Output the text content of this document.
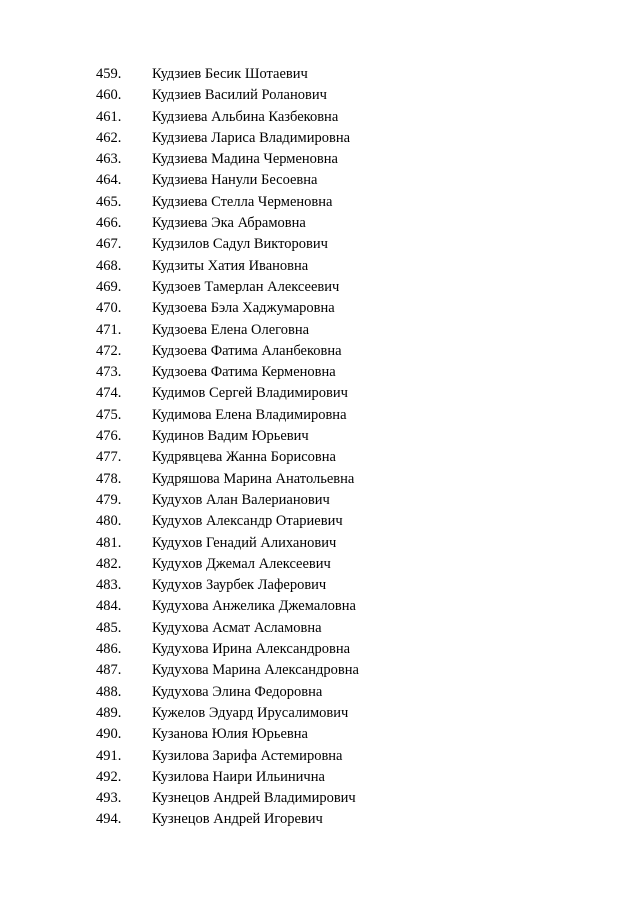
459.	Кудзиев Бесик Шотаевич
460.	Кудзиев Василий Роланович
461.	Кудзиева Альбина Казбековна
462.	Кудзиева Лариса Владимировна
463.	Кудзиева Мадина Черменовна
464.	Кудзиева Нанули Бесоевна
465.	Кудзиева Стелла Черменовна
466.	Кудзиева Эка Абрамовна
467.	Кудзилов Садул Викторович
468.	Кудзиты Хатия Ивановна
469.	Кудзоев Тамерлан Алексеевич
470.	Кудзоева Бэла Хаджумаровна
471.	Кудзоева Елена Олеговна
472.	Кудзоева Фатима Аланбековна
473.	Кудзоева Фатима Керменовна
474.	Кудимов Сергей Владимирович
475.	Кудимова Елена Владимировна
476.	Кудинов Вадим Юрьевич
477.	Кудрявцева Жанна Борисовна
478.	Кудряшова Марина Анатольевна
479.	Кудухов Алан Валерианович
480.	Кудухов Александр Отариевич
481.	Кудухов Генадий Алиханович
482.	Кудухов Джемал Алексеевич
483.	Кудухов Заурбек Лаферович
484.	Кудухова Анжелика Джемаловна
485.	Кудухова Асмат Асламовна
486.	Кудухова Ирина Александровна
487.	Кудухова Марина Александровна
488.	Кудухова Элина Федоровна
489.	Кужелов Эдуард Ирусалимович
490.	Кузанова Юлия Юрьевна
491.	Кузилова Зарифа Астемировна
492.	Кузилова Наири Ильинична
493.	Кузнецов Андрей Владимирович
494.	Кузнецов Андрей Игоревич
